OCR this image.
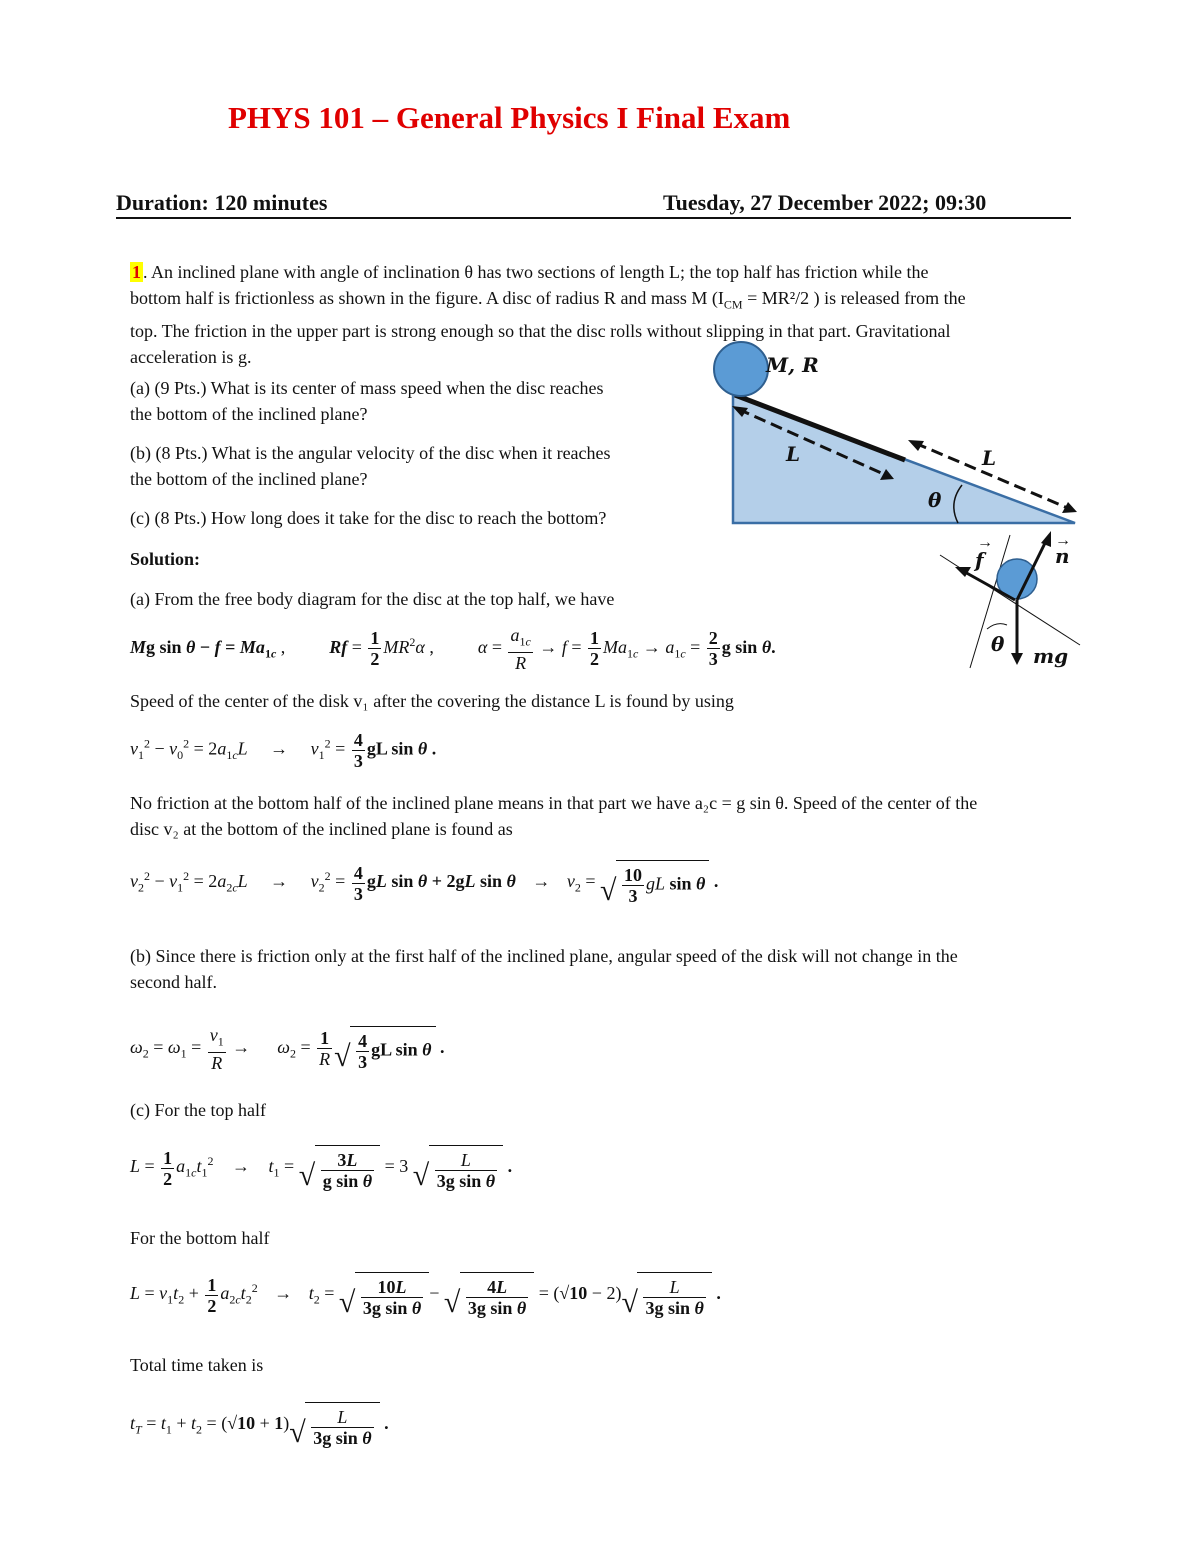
PHYS 101 – General Physics I Final Exam
Duration: 120 minutes	Tuesday, 27 December 2022; 09:30
1 . An inclined plane with angle of inclination θ has two sections of length L; the top half has friction while the
bottom half is frictionless as shown in the figure. A disc of radius R and mass M ($I_{CM} = MR^2/2$ ) is released from the
top. The friction in the upper part is strong enough so that the disc rolls without slipping in that part. Gravitational
acceleration is g.
(a) (9 Pts.) What is its center of mass speed when the disc reaches
the bottom of the inclined plane?
(b) (8 Pts.) What is the angular velocity of the disc when it reaches
the bottom of the inclined plane?
(c) (8 Pts.) How long does it take for the disc to reach the bottom?
M, R
L	L
θ
f
→
n
→
mg
θ
Solution:
(a) From the free body diagram for the disc at the top half, we have
Mg $\sin \theta - f = Ma_{1c}$ ,  $Rf = \frac{1}{2} MR^2\alpha$ ,  $\alpha = \frac{a_{1c}}{R} \to f = \frac{1}{2} Ma_{1c} \to a_{1c} = \frac{2}{3}$ g sin θ.
Speed of the center of the disk v₁ after the covering the distance L is found by using
$v_1^2 - v_0^2 = 2a_{1c}L \to v_1^2 = \frac{4}{3}$ gL sin θ .
No friction at the bottom half of the inclined plane means in that part we have a₂c = g sin θ. Speed of the center of the
disc v₂ at the bottom of the inclined plane is found as
$v_2^2 - v_1^2 = 2a_{2c}L \to v_2^2 = \frac{4}{3}$ gL sin θ + 2gL $\sin \theta \to v_2$ = √ $\frac{10}{3}$ gL sin θ .
(b) Since there is friction only at the first half of the inclined plane, angular speed of the disk will not change in the
second half.
$\omega_2 = \omega_1 = \frac{v_1}{R} \to \omega_2 = \frac{1}{R}$ √ $\frac{4}{3}$ gL sin θ .
(c) For the top half
$L = \frac{1}{2} a_{1c}t_1^2 \to t_1$ = √ $\frac{3L}{\text{g sin θ}} = 3$ √ $\frac{L}{\text{3g sin θ}}$ .
For the bottom half
$L = v_1t_2 + \frac{1}{2} a_{2c}t_2^2 \to t_2$ = √ $\frac{10L}{\text{3g sin θ}}$ − √ $\frac{4L}{\text{3g sin θ}} = (√10 - 2)$ √ $\frac{L}{\text{3g sin θ}}$ .
Total time taken is
$t_T = t_1 + t_2 = (√10 + 1)$ √ $\frac{L}{\text{3g sin θ}}$ .
